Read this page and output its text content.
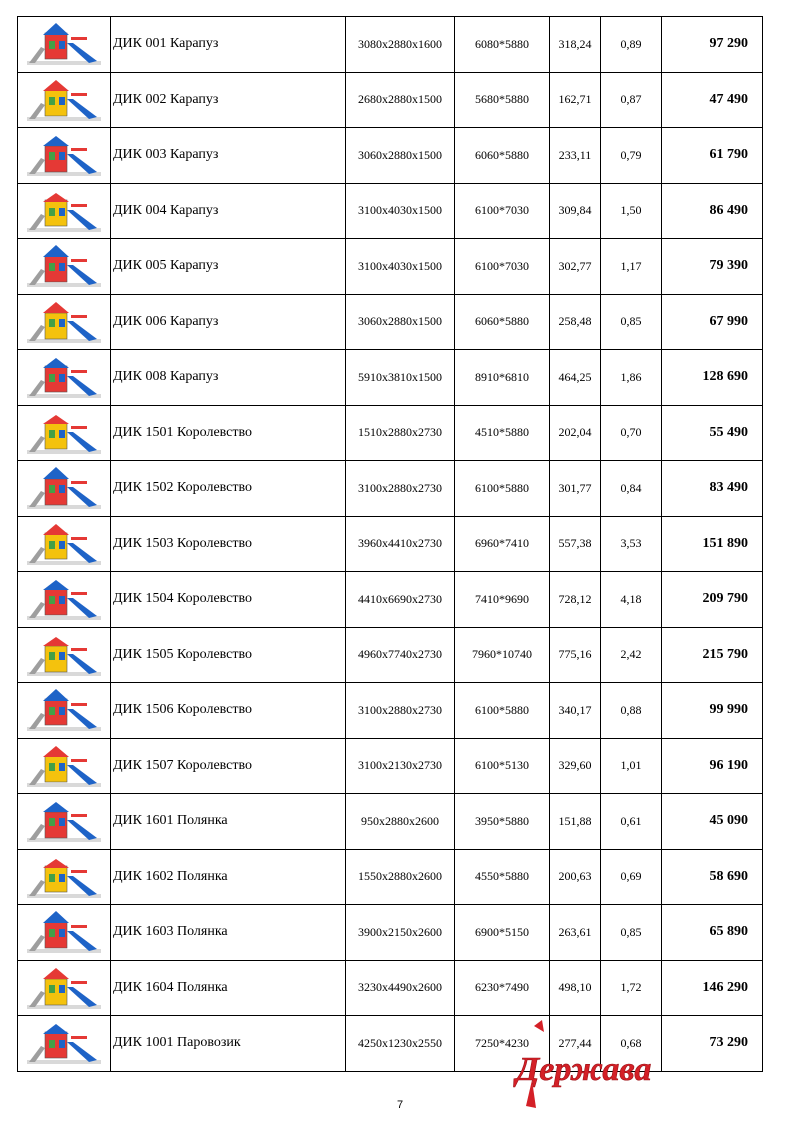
	ДИК 001 Карапуз	3080х2880х1600	6080*5880	318,24	0,89	97 290

	ДИК 002 Карапуз	2680х2880х1500	5680*5880	162,71	0,87	47 490

	ДИК 003 Карапуз	3060х2880х1500	6060*5880	233,11	0,79	61 790

	ДИК 004 Карапуз	3100х4030х1500	6100*7030	309,84	1,50	86 490

	ДИК 005 Карапуз	3100х4030х1500	6100*7030	302,77	1,17	79 390

	ДИК 006 Карапуз	3060х2880х1500	6060*5880	258,48	0,85	67 990

	ДИК 008 Карапуз	5910х3810х1500	8910*6810	464,25	1,86	128 690

	ДИК 1501 Королевство	1510х2880х2730	4510*5880	202,04	0,70	55 490

	ДИК 1502 Королевство	3100х2880х2730	6100*5880	301,77	0,84	83 490

	ДИК 1503 Королевство	3960х4410х2730	6960*7410	557,38	3,53	151 890

	ДИК 1504 Королевство	4410х6690х2730	7410*9690	728,12	4,18	209 790

	ДИК 1505 Королевство	4960х7740х2730	7960*10740	775,16	2,42	215 790

	ДИК 1506 Королевство	3100х2880х2730	6100*5880	340,17	0,88	99 990

	ДИК 1507 Королевство	3100х2130х2730	6100*5130	329,60	1,01	96 190

	ДИК 1601 Полянка	950х2880х2600	3950*5880	151,88	0,61	45 090

	ДИК 1602 Полянка	1550х2880х2600	4550*5880	200,63	0,69	58 690

	ДИК 1603 Полянка	3900х2150х2600	6900*5150	263,61	0,85	65 890

	ДИК 1604 Полянка	3230х4490х2600	6230*7490	498,10	1,72	146 290

	ДИК 1001 Паровозик	4250х1230х2550	7250*4230	277,44	0,68	73 290
7
Держава
